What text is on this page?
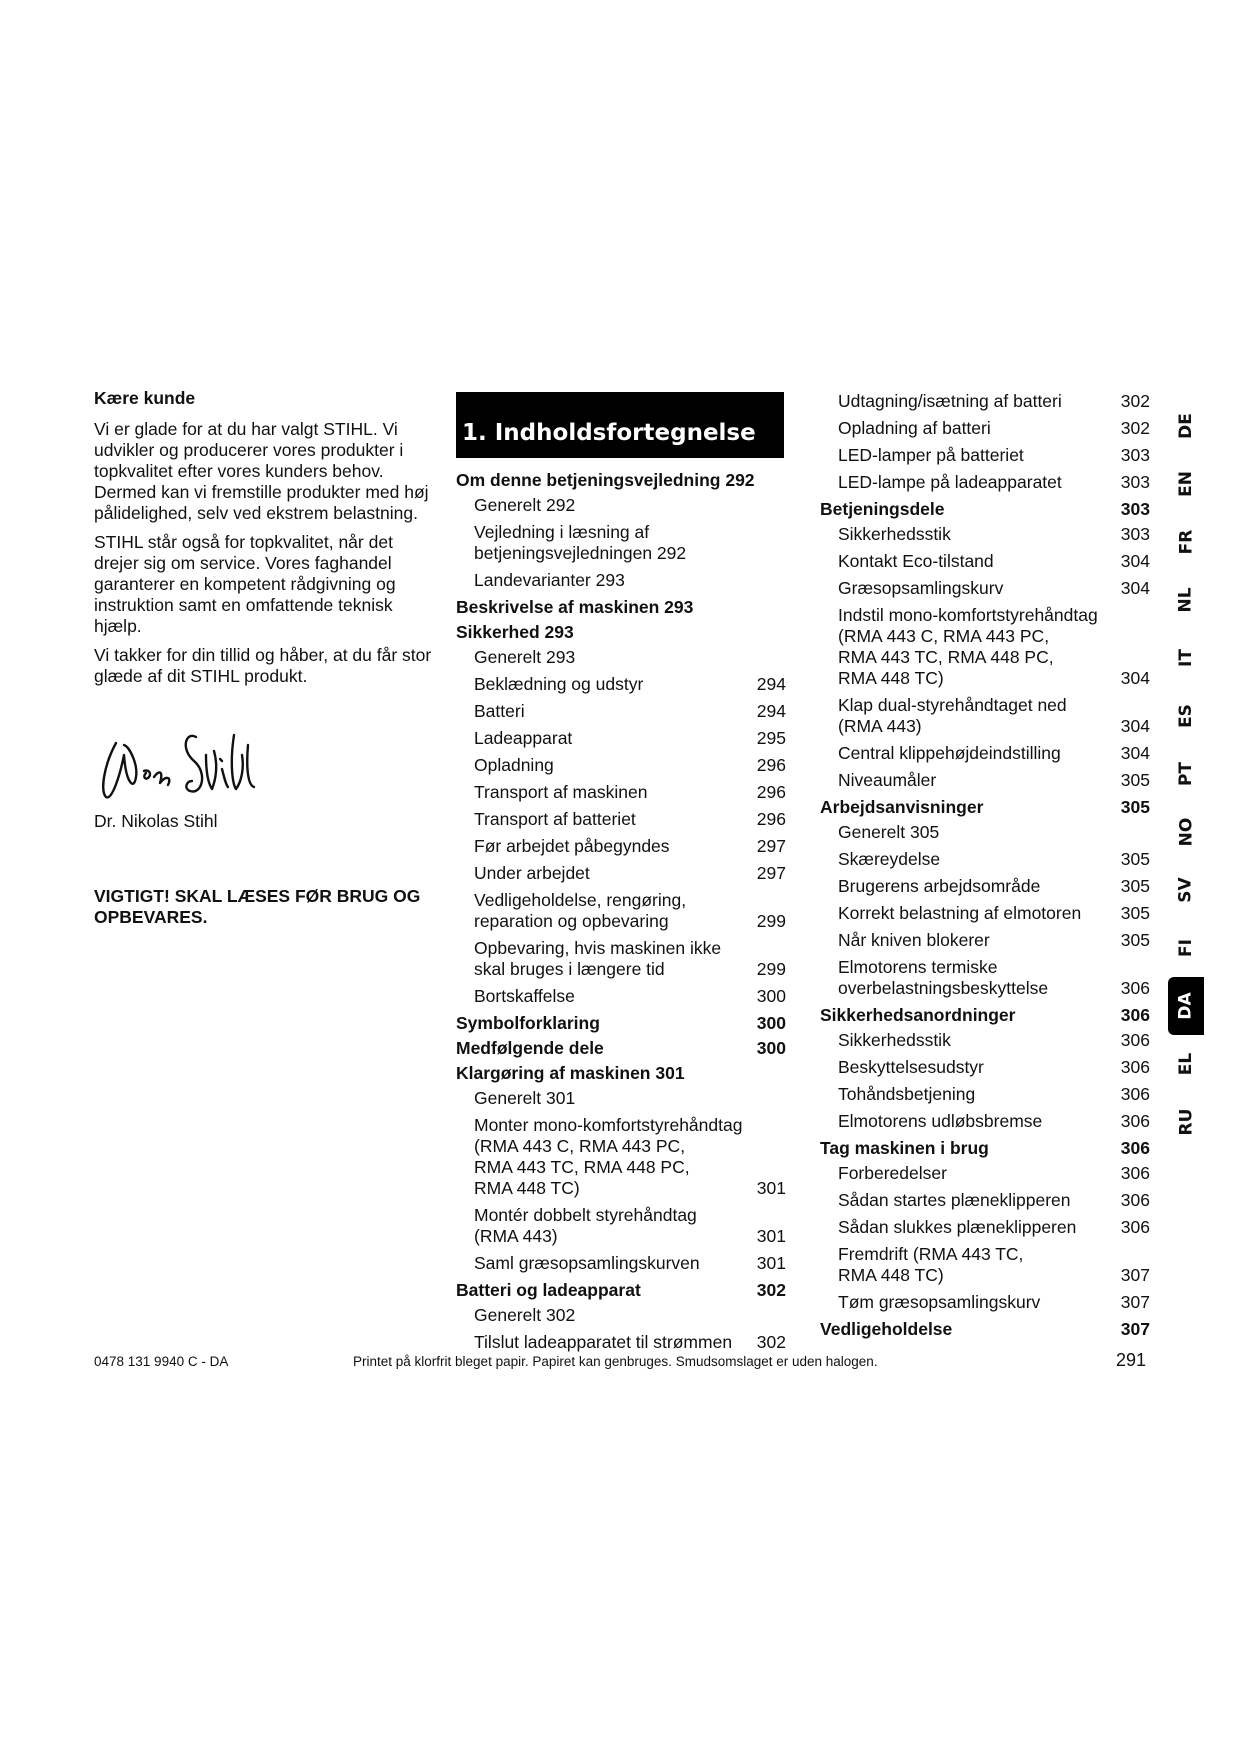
Kære kunde

Vi er glade for at du har valgt STIHL. Vi udvikler og producerer vores produkter i topkvalitet efter vores kunders behov. Dermed kan vi fremstille produkter med høj pålidelighed, selv ved ekstrem belastning.

STIHL står også for topkvalitet, når det drejer sig om service. Vores faghandel garanterer en kompetent rådgivning og instruktion samt en omfattende teknisk hjælp.

Vi takker for din tillid og håber, at du får stor glæde af dit STIHL produkt.

Dr. Nikolas Stihl

VIGTIGT! SKAL LÆSES FØR BRUG OG OPBEVARES.

1. Indholdsfortegnelse
Om denne betjeningsvejledning 292
Generelt 292
Vejledning i læsning af
betjeningsvejledningen 292
Landevarianter 293
Beskrivelse af maskinen 293
Sikkerhed 293
Generelt 293
Beklædning og udstyr	294
Batteri	294
Ladeapparat	295
Opladning	296
Transport af maskinen	296
Transport af batteriet	296
Før arbejdet påbegyndes	297
Under arbejdet	297
Vedligeholdelse, rengøring,
reparation og opbevaring	299
Opbevaring, hvis maskinen ikke
skal bruges i længere tid	299
Bortskaffelse	300
Symbolforklaring	300
Medfølgende dele	300
Klargøring af maskinen 301
Generelt 301
Monter mono-komfortstyrehåndtag
(RMA 443 C, RMA 443 PC,
RMA 443 TC, RMA 448 PC,
RMA 448 TC)	301
Montér dobbelt styrehåndtag
(RMA 443)	301
Saml græsopsamlingskurven	301
Batteri og ladeapparat	302
Generelt 302
Tilslut ladeapparatet til strømmen	302
Udtagning/isætning af batteri	302
Opladning af batteri	302
LED-lamper på batteriet	303
LED-lampe på ladeapparatet	303
Betjeningsdele	303
Sikkerhedsstik	303
Kontakt Eco-tilstand	304
Græsopsamlingskurv	304
Indstil mono-komfortstyrehåndtag
(RMA 443 C, RMA 443 PC,
RMA 443 TC, RMA 448 PC,
RMA 448 TC)	304
Klap dual-styrehåndtaget ned
(RMA 443)	304
Central klippehøjdeindstilling	304
Niveaumåler	305
Arbejdsanvisninger	305
Generelt 305
Skæreydelse	305
Brugerens arbejdsområde	305
Korrekt belastning af elmotoren	305
Når kniven blokerer	305
Elmotorens termiske
overbelastningsbeskyttelse	306
Sikkerhedsanordninger	306
Sikkerhedsstik	306
Beskyttelsesudstyr	306
Tohåndsbetjening	306
Elmotorens udløbsbremse	306
Tag maskinen i brug	306
Forberedelser	306
Sådan startes plæneklipperen	306
Sådan slukkes plæneklipperen	306
Fremdrift (RMA 443 TC,
RMA 448 TC)	307
Tøm græsopsamlingskurv	307
Vedligeholdelse	307
DE
EN
FR
NL
IT
ES
PT
NO
SV
FI
DA
EL
RU
0478 131 9940 C - DA	Printet på klorfrit bleget papir. Papiret kan genbruges. Smudsomslaget er uden halogen.	291
